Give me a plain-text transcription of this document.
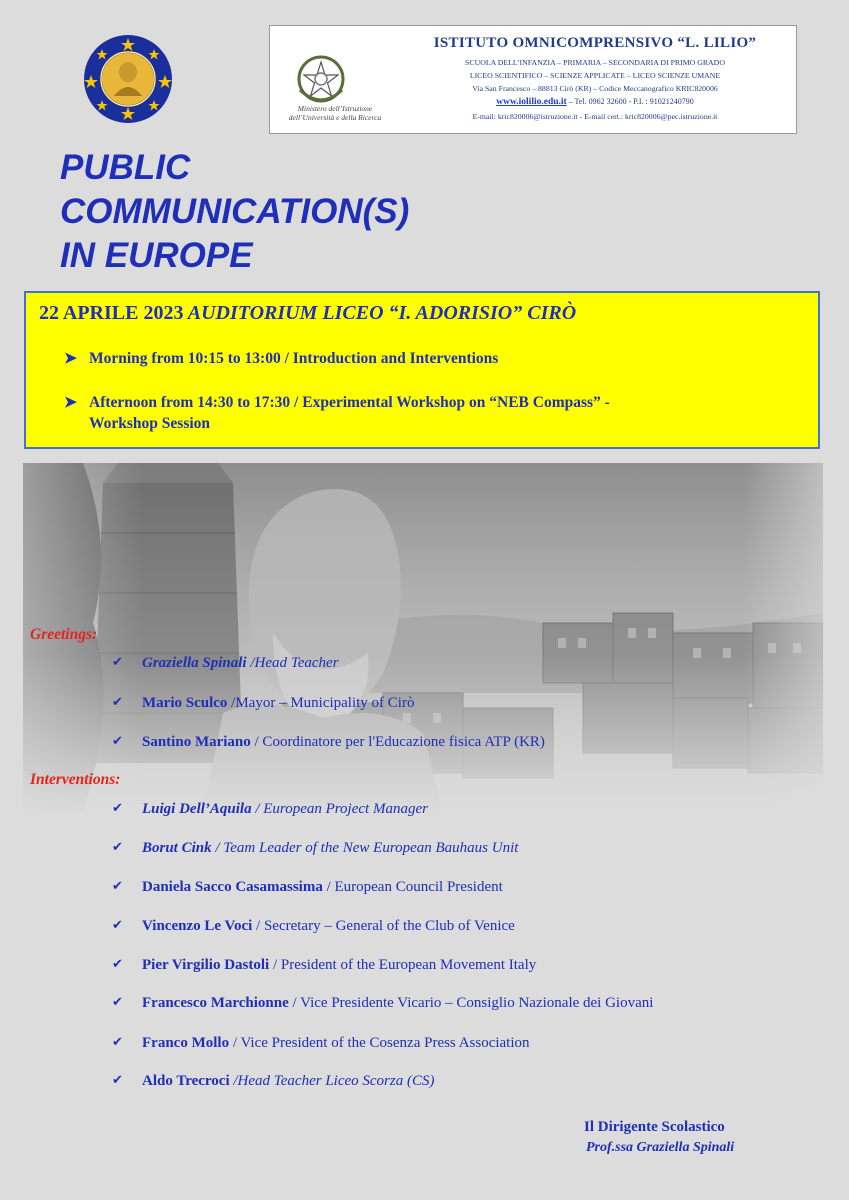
Ministero dell’Istruzione
dell’Università e della Ricerca
ISTITUTO OMNICOMPRENSIVO “L. LILIO”
SCUOLA DELL’INFANZIA – PRIMARIA – SECONDARIA DI PRIMO GRADO
LICEO SCIENTIFICO – SCIENZE APPLICATE – LICEO SCIENZE UMANE
Via San Francesco – 88813 Cirò (KR) – Codice Meccanografico KRIC820006
www.iolilio.edu.it – Tel. 0962 32600 - P.I. : 91021240790
E-mail: kric820006@istruzione.it - E-mail cert.: kric820006@pec.istruzione.it
PUBLIC
COMMUNICATION(S)
IN EUROPE
22 APRILE 2023 AUDITORIUM LICEO “I. ADORISIO” CIRÒ
➤ Morning from 10:15 to 13:00 / Introduction and Interventions
➤ Afternoon from 14:30 to 17:30 / Experimental Workshop on “NEB Compass” -
Workshop Session
Greetings:
✔ Graziella Spinali /Head Teacher
✔ Mario Sculco /Mayor – Municipality of Cirò
✔ Santino Mariano / Coordinatore per l'Educazione fisica ATP (KR)
Interventions:
✔ Luigi Dell’Aquila / European Project Manager
✔ Borut Cink / Team Leader of the New European Bauhaus Unit
✔ Daniela Sacco Casamassima / European Council President
✔ Vincenzo Le Voci / Secretary – General of the Club of Venice
✔ Pier Virgilio Dastoli / President of the European Movement Italy
✔ Francesco Marchionne / Vice Presidente Vicario – Consiglio Nazionale dei Giovani
✔ Franco Mollo / Vice President of the Cosenza Press Association
✔ Aldo Trecroci /Head Teacher Liceo Scorza (CS)
Il Dirigente Scolastico
Prof.ssa Graziella Spinali
